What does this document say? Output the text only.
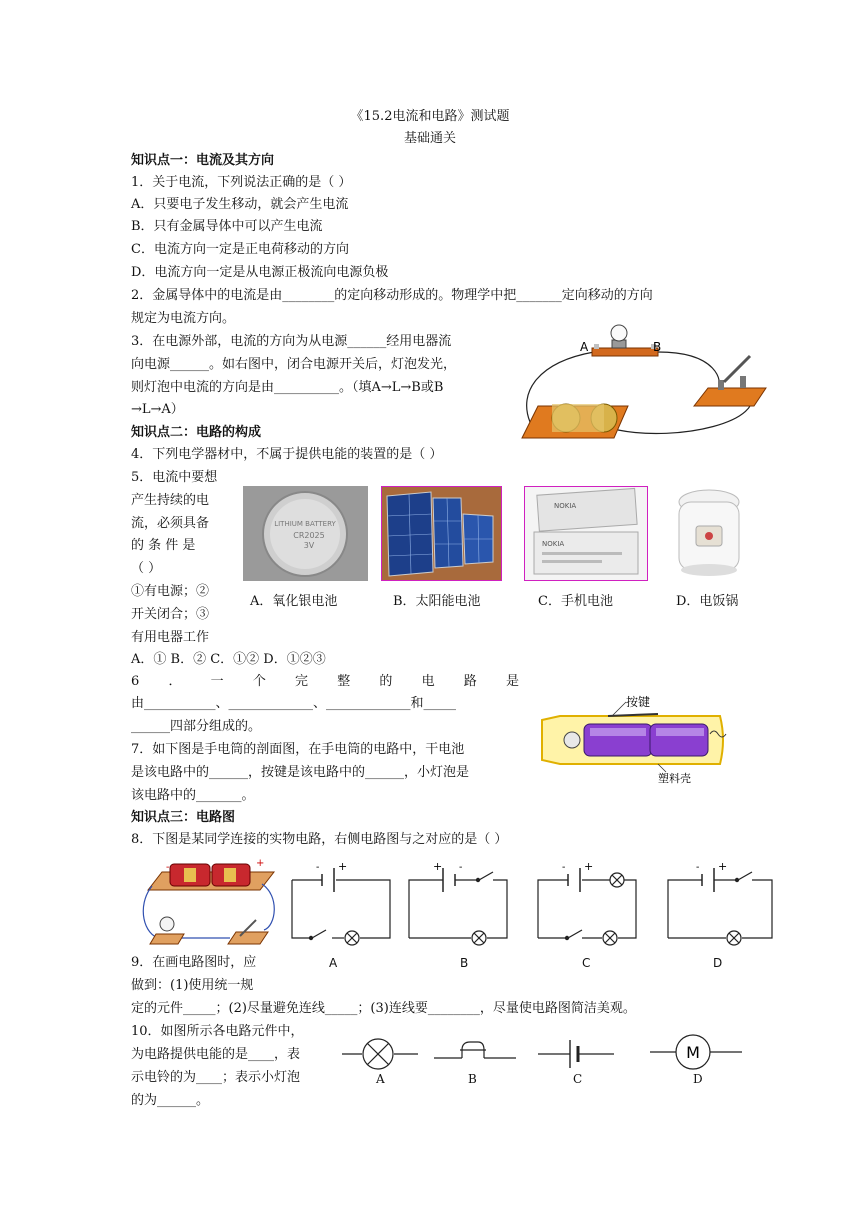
《15.2电流和电路》测试题
基础通关
知识点一：电流及其方向
1．关于电流，下列说法正确的是（ ）
A．只要电子发生移动，就会产生电流
B．只有金属导体中可以产生电流
C．电流方向一定是正电荷移动的方向
D．电流方向一定是从电源正极流向电源负极
2．金属导体中的电流是由________的定向移动形成的。物理学中把_______定向移动的方向
规定为电流方向。
3．在电源外部，电流的方向为从电源______经用电器流
向电源______。如右图中，闭合电源开关后，灯泡发光，
则灯泡中电流的方向是由__________。（填A→L→B或B
→L→A）
A	B
知识点二：电路的构成
4．下列电学器材中，不属于提供电能的装置的是（ ）
5．电流中要想
产生持续的电
流，必须具备
的 条 件 是
（ ）
①有电源；②
开关闭合；③
有用电器工作
A．① B．② C．①② D．①②③
LITHIUM BATTERY
CR2025
3V
NOKIA
NOKIA
A．氧化银电池	B．太阳能电池	C．手机电池	D．电饭锅
6 ． 一 个 完 整 的 电 路 是
由___________、_____________、_____________和_____
______四部分组成的。
7．如下图是手电筒的剖面图，在手电筒的电路中，干电池
是该电路中的______，按键是该电路中的______，小灯泡是
该电路中的_______。
按键
塑料壳
知识点三：电路图
8．下图是某同学连接的实物电路，右侧电路图与之对应的是（ ）
+
-	- +	+ -	- +	- +
A	B	C	D
9．在画电路图时，应
做到：(1)使用统一规
定的元件_____；(2)尽量避免连线_____；(3)连线要________，尽量使电路图简洁美观。
10．如图所示各电路元件中，
为电路提供电能的是____，表
示电铃的为____；表示小灯泡
的为______。
M
A	B	C	D
